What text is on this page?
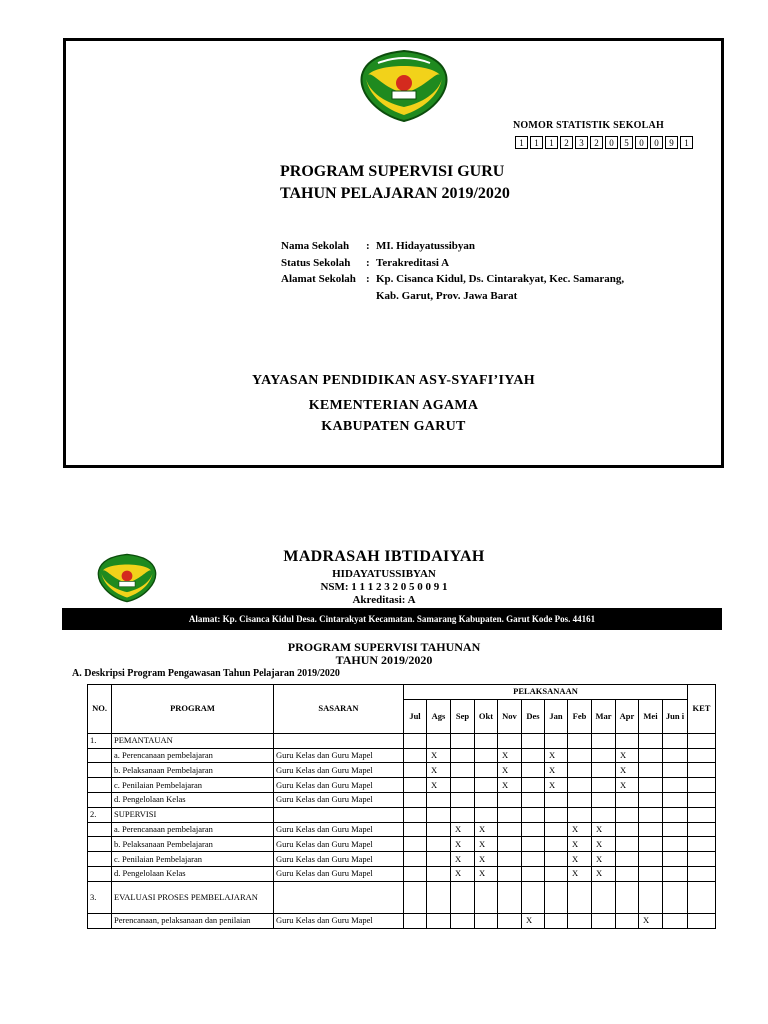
NOMOR STATISTIK SEKOLAH
1	1	1	2	3	2	0	5	0	0	9	1
PROGRAM SUPERVISI GURU
TAHUN PELAJARAN 2019/2020
Nama Sekolah	: MI. Hidayatussibyan
Status Sekolah	: Terakreditasi A
Alamat Sekolah : Kp. Cisanca Kidul, Ds. Cintarakyat, Kec. Samarang,
Kab. Garut, Prov. Jawa Barat
YAYASAN PENDIDIKAN ASY-SYAFI’IYAH
KEMENTERIAN AGAMA
KABUPATEN GARUT
MADRASAH IBTIDAIYAH
HIDAYATUSSIBYAN
NSM: 1 1 1 2 3 2 0 5 0 0 9 1
Akreditasi: A
Alamat: Kp. Cisanca Kidul Desa. Cintarakyat Kecamatan. Samarang Kabupaten. Garut Kode Pos. 44161
PROGRAM SUPERVISI TAHUNAN
TAHUN 2019/2020
A. Deskripsi Program Pengawasan Tahun Pelajaran 2019/2020
NO.	PROGRAM	SASARAN	PELAKSANAAN												KET
			Jul	Ags	Sep	Okt	Nov	Des	Jan	Feb	Mar	Apr	Mei	Jun i	
1.	PEMANTAUAN														
	a. Perencanaan pembelajaran	Guru Kelas dan Guru Mapel		X			X		X			X			
	b. Pelaksanaan Pembelajaran	Guru Kelas dan Guru Mapel		X			X		X			X			
	c. Penilaian Pembelajaran	Guru Kelas dan Guru Mapel		X			X		X			X			
	d. Pengelolaan Kelas	Guru Kelas dan Guru Mapel													
2.	SUPERVISI														
	a. Perencanaan pembelajaran	Guru Kelas dan Guru Mapel			X	X				X	X				
	b. Pelaksanaan Pembelajaran	Guru Kelas dan Guru Mapel			X	X				X	X				
	c. Penilaian Pembelajaran	Guru Kelas dan Guru Mapel			X	X				X	X				
	d. Pengelolaan Kelas	Guru Kelas dan Guru Mapel			X	X				X	X				
3.	EVALUASI PROSES PEMBELAJARAN														
	Perencanaan, pelaksanaan dan penilaian	Guru Kelas dan Guru Mapel						X					X		
